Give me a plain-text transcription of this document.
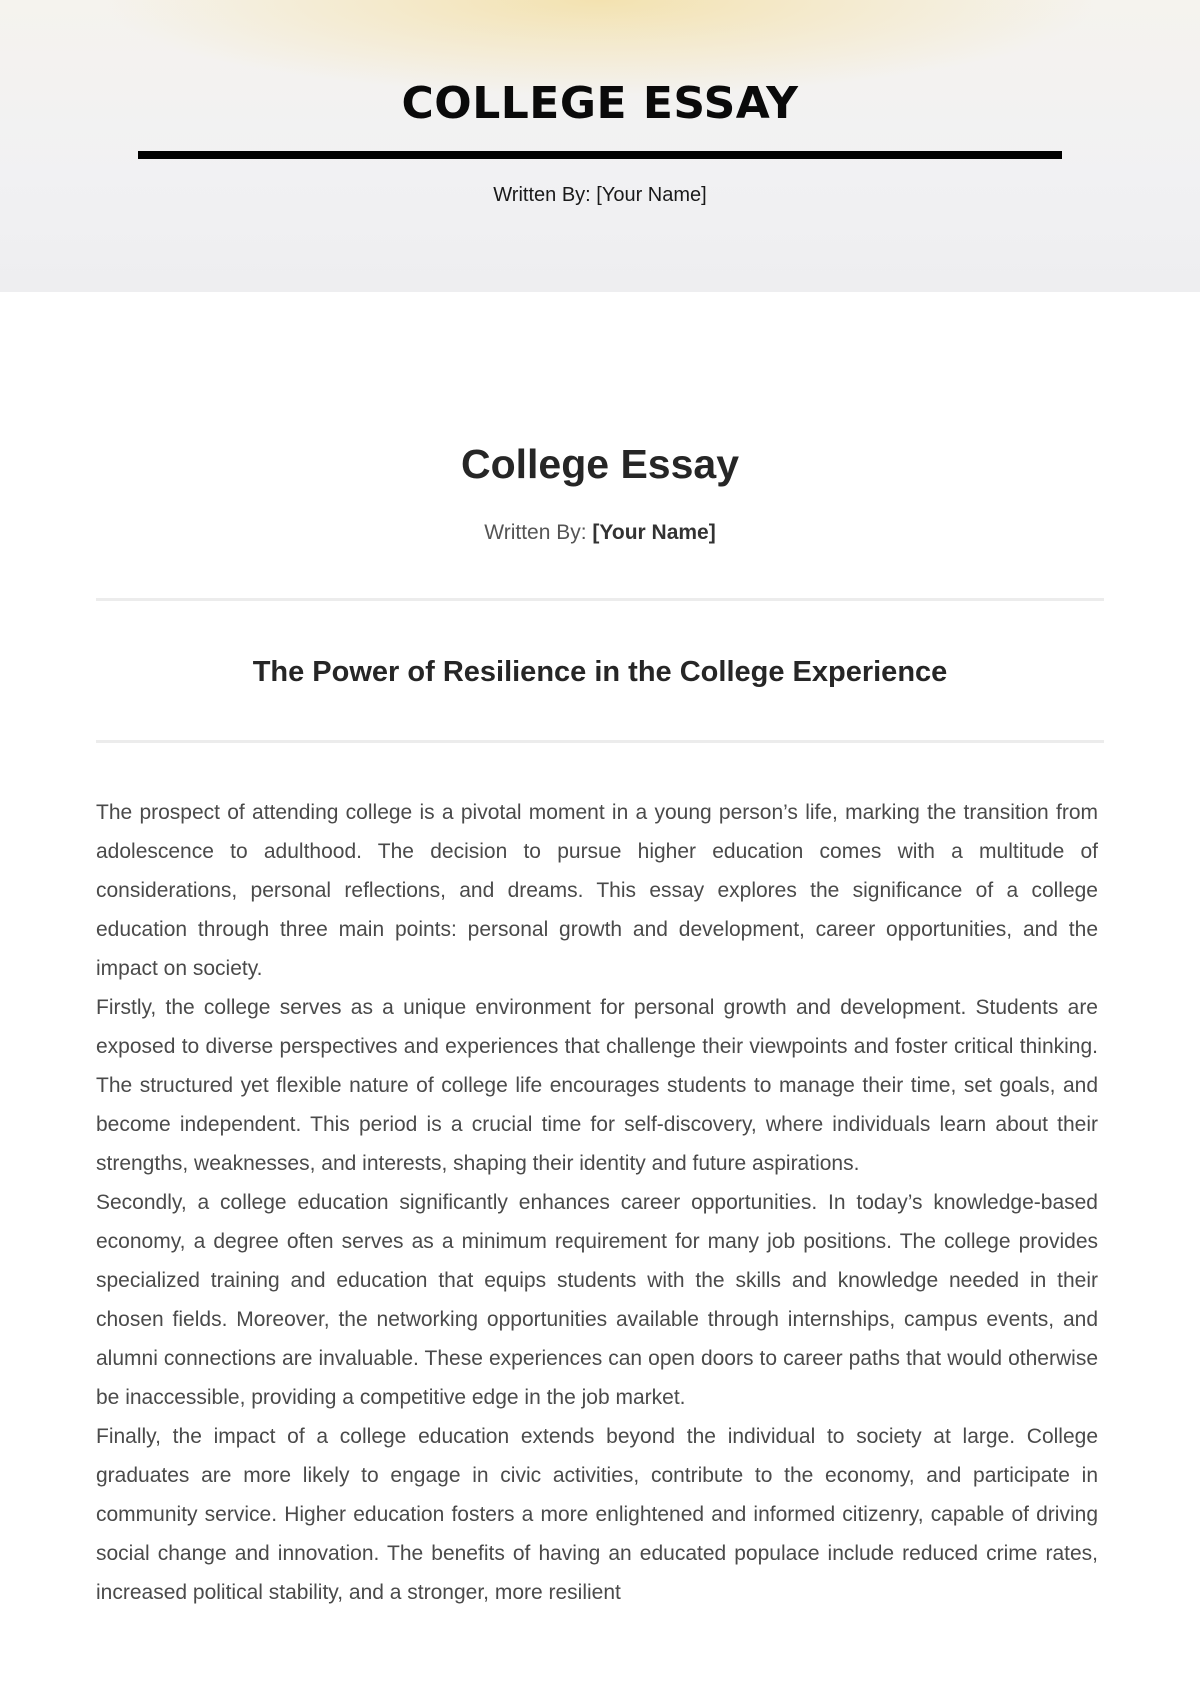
COLLEGE ESSAY
Written By: [Your Name]
College Essay
Written By: [Your Name]
The Power of Resilience in the College Experience

The prospect of attending college is a pivotal moment in a young person’s life, marking the transition from adolescence to adulthood. The decision to pursue higher education comes with a multitude of considerations, personal reflections, and dreams. This essay explores the significance of a college education through three main points: personal growth and development, career opportunities, and the impact on society.

Firstly, the college serves as a unique environment for personal growth and development. Students are exposed to diverse perspectives and experiences that challenge their viewpoints and foster critical thinking. The structured yet flexible nature of college life encourages students to manage their time, set goals, and become independent. This period is a crucial time for self-discovery, where individuals learn about their strengths, weaknesses, and interests, shaping their identity and future aspirations.

Secondly, a college education significantly enhances career opportunities. In today’s knowledge-based economy, a degree often serves as a minimum requirement for many job positions. The college provides specialized training and education that equips students with the skills and knowledge needed in their chosen fields. Moreover, the networking opportunities available through internships, campus events, and alumni connections are invaluable. These experiences can open doors to career paths that would otherwise be inaccessible, providing a competitive edge in the job market.

Finally, the impact of a college education extends beyond the individual to society at large. College graduates are more likely to engage in civic activities, contribute to the economy, and participate in community service. Higher education fosters a more enlightened and informed citizenry, capable of driving social change and innovation. The benefits of having an educated populace include reduced crime rates, increased political stability, and a stronger, more resilient
